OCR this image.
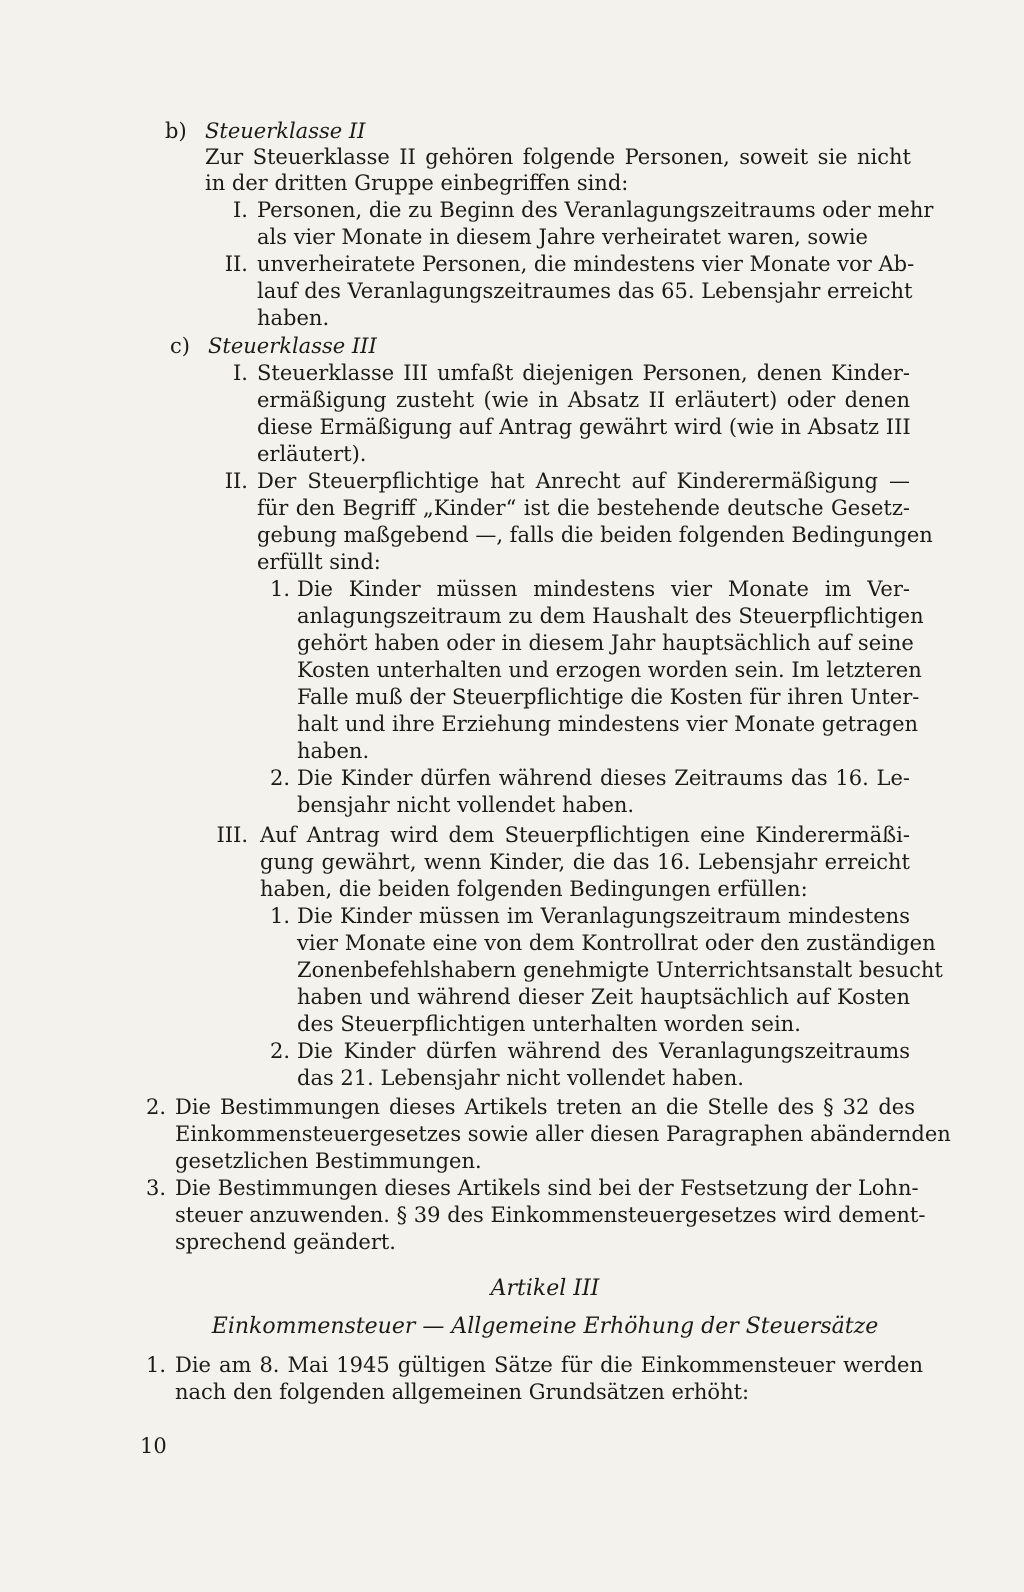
b) Steuerklasse II
Zur Steuerklasse II gehören folgende Personen, soweit sie nicht
in der dritten Gruppe einbegriffen sind:
I. Personen, die zu Beginn des Veranlagungszeitraums oder mehr
als vier Monate in diesem Jahre verheiratet waren, sowie
II. unverheiratete Personen, die mindestens vier Monate vor Ab-
lauf des Veranlagungszeitraumes das 65. Lebensjahr erreicht
haben.
c) Steuerklasse III
I. Steuerklasse III umfaßt diejenigen Personen, denen Kinder-
ermäßigung zusteht (wie in Absatz II erläutert) oder denen
diese Ermäßigung auf Antrag gewährt wird (wie in Absatz III
erläutert).
II. Der Steuerpflichtige hat Anrecht auf Kinderermäßigung —
für den Begriff „Kinder“ ist die bestehende deutsche Gesetz-
gebung maßgebend —, falls die beiden folgenden Bedingungen
erfüllt sind:
1. Die Kinder müssen mindestens vier Monate im Ver-
anlagungszeitraum zu dem Haushalt des Steuerpflichtigen
gehört haben oder in diesem Jahr hauptsächlich auf seine
Kosten unterhalten und erzogen worden sein. Im letzteren
Falle muß der Steuerpflichtige die Kosten für ihren Unter-
halt und ihre Erziehung mindestens vier Monate getragen
haben.
2. Die Kinder dürfen während dieses Zeitraums das 16. Le-
bensjahr nicht vollendet haben.
III. Auf Antrag wird dem Steuerpflichtigen eine Kinderermäßi-
gung gewährt, wenn Kinder, die das 16. Lebensjahr erreicht
haben, die beiden folgenden Bedingungen erfüllen:
1. Die Kinder müssen im Veranlagungszeitraum mindestens
vier Monate eine von dem Kontrollrat oder den zuständigen
Zonenbefehlshabern genehmigte Unterrichtsanstalt besucht
haben und während dieser Zeit hauptsächlich auf Kosten
des Steuerpflichtigen unterhalten worden sein.
2. Die Kinder dürfen während des Veranlagungszeitraums
das 21. Lebensjahr nicht vollendet haben.
2. Die Bestimmungen dieses Artikels treten an die Stelle des § 32 des
Einkommensteuergesetzes sowie aller diesen Paragraphen abändernden
gesetzlichen Bestimmungen.
3. Die Bestimmungen dieses Artikels sind bei der Festsetzung der Lohn-
steuer anzuwenden. § 39 des Einkommensteuergesetzes wird dement-
sprechend geändert.
Artikel III
Einkommensteuer — Allgemeine Erhöhung der Steuersätze
1. Die am 8. Mai 1945 gültigen Sätze für die Einkommensteuer werden
nach den folgenden allgemeinen Grundsätzen erhöht:
10
